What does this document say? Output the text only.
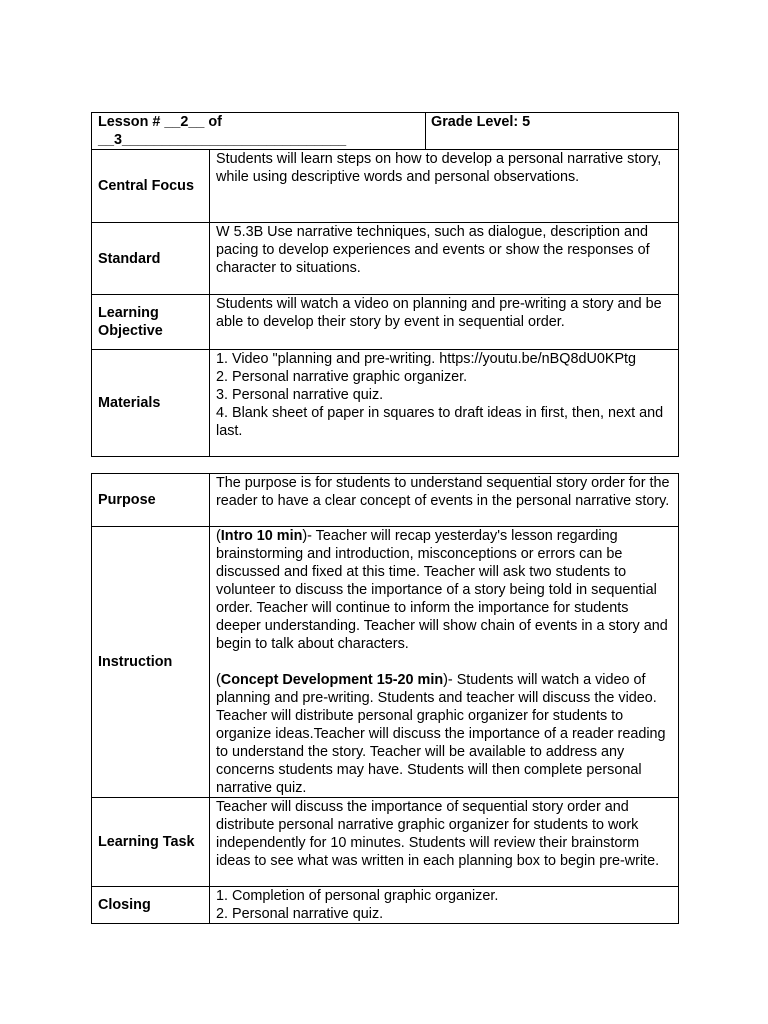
Lesson # __2__ of __3____________________________		Grade Level: 5
Central Focus	Students will learn steps on how to develop a personal narrative story, while using descriptive words and personal observations.	
Standard	W 5.3B Use narrative techniques, such as dialogue, description and pacing to develop experiences and events or show the responses of character to situations.	
Learning Objective	Students will watch a video on planning and pre-writing a story and be able to develop their story by event in sequential order.	
Materials	1. Video "planning and pre-writing. https://youtu.be/nBQ8dU0KPtg

2. Personal narrative graphic organizer.

3. Personal narrative quiz.

4. Blank sheet of paper in squares to draft ideas in first, then, next and last.	

Purpose	The purpose is for students to understand sequential story order for the reader to have a clear concept of events in the personal narrative story.
Instruction	(Intro 10 min)- Teacher will recap yesterday's lesson regarding brainstorming and introduction, misconceptions or errors can be discussed and fixed at this time. Teacher will ask two students to volunteer to discuss the importance of a story being told in sequential order. Teacher will continue to inform the importance for students deeper understanding. Teacher will show chain of events in a story and begin to talk about characters.

(Concept Development 15-20 min)- Students will watch a video of planning and pre-writing. Students and teacher will discuss the video. Teacher will distribute personal graphic organizer for students to organize ideas.Teacher will discuss the importance of a reader reading to understand the story. Teacher will be available to address any concerns students may have. Students will then complete personal narrative quiz.

Learning Task	Teacher will discuss the importance of sequential story order and distribute personal narrative graphic organizer for students to work independently for 10 minutes. Students will review their brainstorm ideas to see what was written in each planning box to begin pre-write.
Closing	1. Completion of personal graphic organizer.

2. Personal narrative quiz.
